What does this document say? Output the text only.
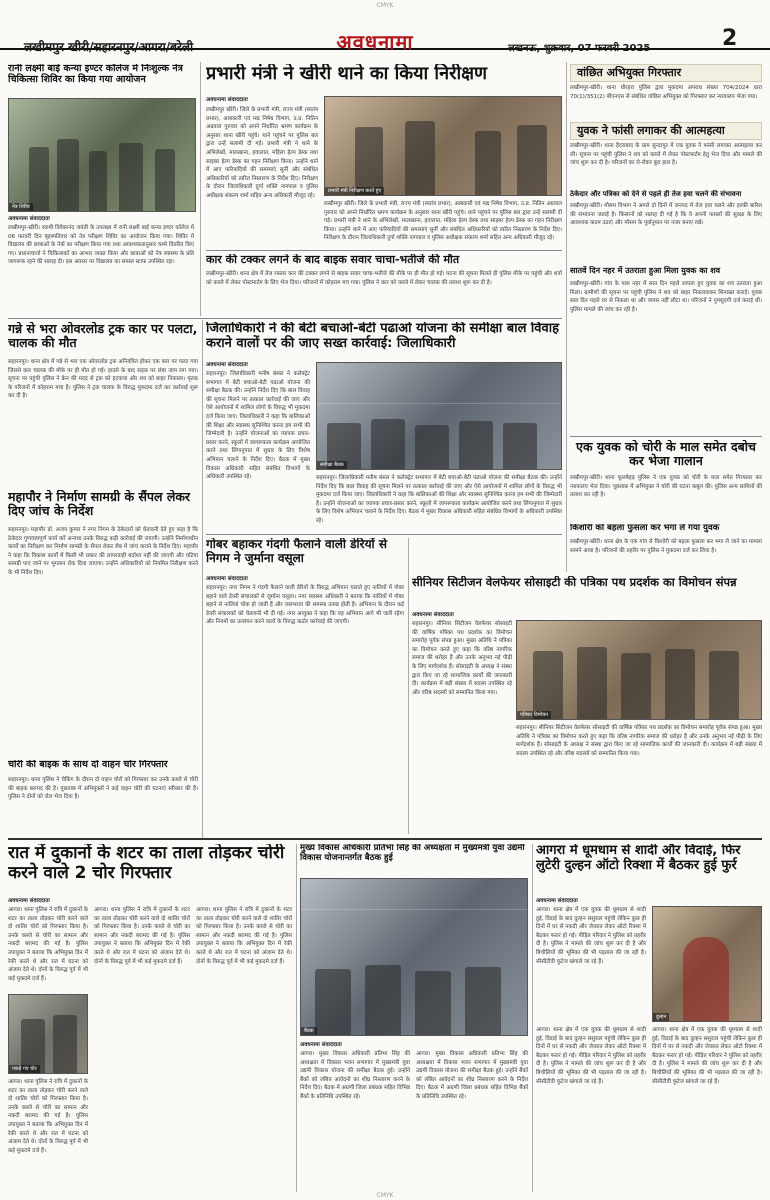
CMYK
लखीमपुर खीरी/सहारनपुर/आगरा/बरेली	अवधनामा	लखनऊ, शुक्रवार, 07 फरवरी 2025	2
रानी लक्ष्मी बाई कन्या इण्टर कॉलेज में निःशुल्क नेत्र चिकित्सा शिविर का किया गया आयोजन
नेत्र शिविर
अवधनामा संवाददाता
लखीमपुर-खीरी। स्वामी विवेकानंद जयंती के उपलक्ष्य में रानी लक्ष्मी बाई कन्या इण्टर कॉलेज में 06 फरवरी दिन बृहस्पतिवार को नेत्र परीक्षण शिविर का आयोजन किया गया। शिविर में विद्यालय की छात्राओं के नेत्रों का परीक्षण किया गया तथा आवश्यकतानुसार चश्मे वितरित किए गए। प्रधानाचार्या ने चिकित्सकों का आभार व्यक्त किया और छात्राओं को नेत्र स्वास्थ्य के प्रति जागरूक रहने की सलाह दी। इस अवसर पर विद्यालय का समस्त स्टाफ उपस्थित रहा।
प्रभारी मंत्री ने खीरी थाने का किया निरीक्षण
अवधनामा संवाददाता
लखीमपुर खीरी। जिले के प्रभारी मंत्री, राज्य मंत्री (स्वतंत्र प्रभार), आबकारी एवं मद्य निषेध विभाग, उ.प्र. नितिन अग्रवाल गुरुवार को अपने निर्धारित भ्रमण कार्यक्रम के अनुसार थाना खीरी पहुंचे। थाने पहुंचने पर पुलिस बल द्वारा उन्हें सलामी दी गई। प्रभारी मंत्री ने थाने के अभिलेखों, मालखाना, हवालात, महिला हेल्प डेस्क तथा साइबर हेल्प डेस्क का गहन निरीक्षण किया। उन्होंने थाने में आए फरियादियों की समस्याएं सुनीं और संबंधित अधिकारियों को त्वरित निस्तारण के निर्देश दिए। निरीक्षण के दौरान जिलाधिकारी दुर्गा शक्ति नागपाल व पुलिस अधीक्षक संकल्प शर्मा सहित अन्य अधिकारी मौजूद रहे।
प्रभारी मंत्री निरीक्षण करते हुए
लखीमपुर खीरी। जिले के प्रभारी मंत्री, राज्य मंत्री (स्वतंत्र प्रभार), आबकारी एवं मद्य निषेध विभाग, उ.प्र. नितिन अग्रवाल गुरुवार को अपने निर्धारित भ्रमण कार्यक्रम के अनुसार थाना खीरी पहुंचे। थाने पहुंचने पर पुलिस बल द्वारा उन्हें सलामी दी गई। प्रभारी मंत्री ने थाने के अभिलेखों, मालखाना, हवालात, महिला हेल्प डेस्क तथा साइबर हेल्प डेस्क का गहन निरीक्षण किया। उन्होंने थाने में आए फरियादियों की समस्याएं सुनीं और संबंधित अधिकारियों को त्वरित निस्तारण के निर्देश दिए। निरीक्षण के दौरान जिलाधिकारी दुर्गा शक्ति नागपाल व पुलिस अधीक्षक संकल्प शर्मा सहित अन्य अधिकारी मौजूद रहे।
कार की टक्कर लगने के बाद बाइक सवार चाचा-भतीजे की मौत
लखीमपुर-खीरी। थाना क्षेत्र में तेज रफ्तार कार की टक्कर लगने से बाइक सवार चाचा-भतीजे की मौके पर ही मौत हो गई। घटना की सूचना मिलते ही पुलिस मौके पर पहुंची और शवों को कब्जे में लेकर पोस्टमार्टम के लिए भेज दिया। परिजनों में कोहराम मच गया। पुलिस ने कार को कब्जे में लेकर चालक की तलाश शुरू कर दी है।
वांछित अभियुक्त गिरफ्तार
लखीमपुर-खीरी। थाना धौरहरा पुलिस द्वारा मुकदमा अपराध संख्या 704/2024 धारा 70(1)/351(2) बीएनएस से संबंधित वांछित अभियुक्त को गिरफ्तार कर न्यायालय भेजा गया।
युवक ने फांसी लगाकर की आत्महत्या
लखीमपुर-खीरी। थाना हैदराबाद के ग्राम सुन्दरपुर में एक युवक ने फांसी लगाकर आत्महत्या कर ली। सूचना पर पहुंची पुलिस ने शव को कब्जे में लेकर पोस्टमार्टम हेतु भेज दिया और मामले की जांच शुरू कर दी है। परिजनों का रो-रोकर बुरा हाल है।
ठेकेदार और पत्रिका को देने से पहले ही तेज हवा चलने की संभावना
लखीमपुर-खीरी। मौसम विभाग ने अगले दो दिनों में जनपद में तेज हवा चलने और हल्की बारिश की संभावना जताई है। किसानों को सलाह दी गई है कि वे अपनी फसलों की सुरक्षा के लिए आवश्यक कदम उठाएं और मौसम के पूर्वानुमान पर नजर बनाए रखें।
सातवें दिन नहर में उतराता हुआ मिला युवक का शव
लखीमपुर-खीरी। गांव के पास नहर में सात दिन पहले लापता हुए युवक का शव उतराता हुआ मिला। ग्रामीणों की सूचना पर पहुंची पुलिस ने शव को बाहर निकलवाकर शिनाख्त कराई। युवक सात दिन पहले घर से निकला था और वापस नहीं लौटा था। परिजनों ने गुमशुदगी दर्ज कराई थी। पुलिस मामले की जांच कर रही है।
एक युवक को चोरी के माल समेत दबोच कर भेजा गालान
लखीमपुर-खीरी। थाना फूलबेहड़ पुलिस ने एक युवक को चोरी के माल समेत गिरफ्तार कर न्यायालय भेज दिया। पूछताछ में अभियुक्त ने चोरी की घटना कबूल की। पुलिस अन्य साथियों की तलाश कर रही है।
किशोरी को बहला फुसला कर भगा ले गया युवक
लखीमपुर-खीरी। थाना क्षेत्र के एक गांव से किशोरी को बहला फुसला कर भगा ले जाने का मामला सामने आया है। परिजनों की तहरीर पर पुलिस ने मुकदमा दर्ज कर लिया है।
गन्ने से भरा ओवरलोड ट्रक कार पर पलटा, चालक की मौत
सहारनपुर। थाना क्षेत्र में गन्ने से भरा एक ओवरलोड ट्रक अनियंत्रित होकर एक कार पर पलट गया जिससे कार चालक की मौके पर ही मौत हो गई। हादसे के बाद सड़क पर लंबा जाम लग गया। सूचना पर पहुंची पुलिस ने क्रेन की मदद से ट्रक को हटवाया और शव को बाहर निकाला। मृतक के परिजनों में कोहराम मचा है। पुलिस ने ट्रक चालक के विरुद्ध मुकदमा दर्ज कर कार्रवाई शुरू कर दी है।
महापौर ने निर्माण सामग्री के सैंपल लेकर दिए जांच के निर्देश
सहारनपुर। महापौर डॉ. अजय कुमार ने नगर निगम के ठेकेदारों को चेतावनी देते हुए कहा है कि ठेकेदार गुणवत्तापूर्ण कार्य करें अन्यथा उनके विरुद्ध कड़ी कार्रवाई की जाएगी। उन्होंने निर्माणाधीन कार्यों का निरीक्षण कर निर्माण सामग्री के सैंपल लेकर लैब में जांच कराने के निर्देश दिए। महापौर ने कहा कि विकास कार्यों में किसी भी प्रकार की लापरवाही बर्दाश्त नहीं की जाएगी और घटिया सामग्री पाए जाने पर भुगतान रोक दिया जाएगा। उन्होंने अधिकारियों को नियमित निरीक्षण करने के भी निर्देश दिए।
चोरी की बाइक के साथ दो वाहन चोर गिरफ्तार
सहारनपुर। थाना पुलिस ने चेकिंग के दौरान दो वाहन चोरों को गिरफ्तार कर उनके कब्जे से चोरी की बाइक बरामद की है। पूछताछ में अभियुक्तों ने कई वाहन चोरी की घटनाएं स्वीकार की हैं। पुलिस ने दोनों को जेल भेज दिया है।
जिलाधिकारी ने की बेटी बचाओ-बेटी पढाओ योजना की समीक्षा बाल विवाह कराने वालों पर की जाए सख्त कार्रवाई: जिलाधिकारी
अवधनामा संवाददाता
सहारनपुर। जिलाधिकारी मनीष बंसल ने कलेक्ट्रेट सभागार में बेटी बचाओ-बेटी पढाओ योजना की समीक्षा बैठक की। उन्होंने निर्देश दिए कि बाल विवाह की सूचना मिलने पर तत्काल कार्रवाई की जाए और ऐसे आयोजनों में शामिल लोगों के विरुद्ध भी मुकदमा दर्ज किया जाए। जिलाधिकारी ने कहा कि बालिकाओं की शिक्षा और स्वास्थ्य सुनिश्चित करना हम सभी की जिम्मेदारी है। उन्होंने योजनाओं का व्यापक प्रचार-प्रसार करने, स्कूलों में जागरूकता कार्यक्रम आयोजित करने तथा लिंगानुपात में सुधार के लिए विशेष अभियान चलाने के निर्देश दिए। बैठक में मुख्य विकास अधिकारी सहित संबंधित विभागों के अधिकारी उपस्थित रहे।
समीक्षा बैठक
सहारनपुर। जिलाधिकारी मनीष बंसल ने कलेक्ट्रेट सभागार में बेटी बचाओ-बेटी पढाओ योजना की समीक्षा बैठक की। उन्होंने निर्देश दिए कि बाल विवाह की सूचना मिलने पर तत्काल कार्रवाई की जाए और ऐसे आयोजनों में शामिल लोगों के विरुद्ध भी मुकदमा दर्ज किया जाए। जिलाधिकारी ने कहा कि बालिकाओं की शिक्षा और स्वास्थ्य सुनिश्चित करना हम सभी की जिम्मेदारी है। उन्होंने योजनाओं का व्यापक प्रचार-प्रसार करने, स्कूलों में जागरूकता कार्यक्रम आयोजित करने तथा लिंगानुपात में सुधार के लिए विशेष अभियान चलाने के निर्देश दिए। बैठक में मुख्य विकास अधिकारी सहित संबंधित विभागों के अधिकारी उपस्थित रहे।
गोबर बहाकर गंदगी फैलाने वाली डेरियों से निगम ने जुर्माना वसूला
अवधनामा संवाददाता
सहारनपुर। नगर निगम ने गंदगी फैलाने वाली डेरियों के विरुद्ध अभियान चलाते हुए नालियों में गोबर बहाने वाले डेयरी संचालकों से जुर्माना वसूला। नगर स्वास्थ्य अधिकारी ने बताया कि नालियों में गोबर बहाने से नालियां चोक हो जाती हैं और जलभराव की समस्या उत्पन्न होती है। अभियान के दौरान कई डेयरी संचालकों को चेतावनी भी दी गई। नगर आयुक्त ने कहा कि यह अभियान आगे भी जारी रहेगा और नियमों का उल्लंघन करने वालों के विरुद्ध कठोर कार्रवाई की जाएगी।
सीनियर सिटीजन वेलफेयर सोसाइटी की पत्रिका पथ प्रदर्शक का विमोचन संपन्न
अवधनामा संवाददाता
सहारनपुर। सीनियर सिटीजन वेलफेयर सोसाइटी की वार्षिक पत्रिका पथ प्रदर्शक का विमोचन समारोह पूर्वक संपन्न हुआ। मुख्य अतिथि ने पत्रिका का विमोचन करते हुए कहा कि वरिष्ठ नागरिक समाज की धरोहर हैं और उनके अनुभव नई पीढ़ी के लिए मार्गदर्शक हैं। सोसाइटी के अध्यक्ष ने संस्था द्वारा किए जा रहे सामाजिक कार्यों की जानकारी दी। कार्यक्रम में बड़ी संख्या में सदस्य उपस्थित रहे और वरिष्ठ सदस्यों को सम्मानित किया गया।
पत्रिका विमोचन
सहारनपुर। सीनियर सिटीजन वेलफेयर सोसाइटी की वार्षिक पत्रिका पथ प्रदर्शक का विमोचन समारोह पूर्वक संपन्न हुआ। मुख्य अतिथि ने पत्रिका का विमोचन करते हुए कहा कि वरिष्ठ नागरिक समाज की धरोहर हैं और उनके अनुभव नई पीढ़ी के लिए मार्गदर्शक हैं। सोसाइटी के अध्यक्ष ने संस्था द्वारा किए जा रहे सामाजिक कार्यों की जानकारी दी। कार्यक्रम में बड़ी संख्या में सदस्य उपस्थित रहे और वरिष्ठ सदस्यों को सम्मानित किया गया।
रात में दुकानों के शटर का ताला तोड़कर चोरी करने वाले 2 चोर गिरफ्तार
अवधनामा संवाददाता
आगरा। थाना पुलिस ने रात्रि में दुकानों के शटर का ताला तोड़कर चोरी करने वाले दो शातिर चोरों को गिरफ्तार किया है। उनके कब्जे से चोरी का सामान और नकदी बरामद की गई है। पुलिस उपायुक्त ने बताया कि अभियुक्त दिन में रेकी करते थे और रात में घटना को अंजाम देते थे। दोनों के विरुद्ध पूर्व में भी कई मुकदमे दर्ज हैं।
पकड़े गए चोर
आगरा। थाना पुलिस ने रात्रि में दुकानों के शटर का ताला तोड़कर चोरी करने वाले दो शातिर चोरों को गिरफ्तार किया है। उनके कब्जे से चोरी का सामान और नकदी बरामद की गई है। पुलिस उपायुक्त ने बताया कि अभियुक्त दिन में रेकी करते थे और रात में घटना को अंजाम देते थे। दोनों के विरुद्ध पूर्व में भी कई मुकदमे दर्ज हैं।
आगरा। थाना पुलिस ने रात्रि में दुकानों के शटर का ताला तोड़कर चोरी करने वाले दो शातिर चोरों को गिरफ्तार किया है। उनके कब्जे से चोरी का सामान और नकदी बरामद की गई है। पुलिस उपायुक्त ने बताया कि अभियुक्त दिन में रेकी करते थे और रात में घटना को अंजाम देते थे। दोनों के विरुद्ध पूर्व में भी कई मुकदमे दर्ज हैं।
आगरा। थाना पुलिस ने रात्रि में दुकानों के शटर का ताला तोड़कर चोरी करने वाले दो शातिर चोरों को गिरफ्तार किया है। उनके कब्जे से चोरी का सामान और नकदी बरामद की गई है। पुलिस उपायुक्त ने बताया कि अभियुक्त दिन में रेकी करते थे और रात में घटना को अंजाम देते थे। दोनों के विरुद्ध पूर्व में भी कई मुकदमे दर्ज हैं।
मुख्य विकास अधिकारी प्रतिभा सिंह की अध्यक्षता में मुख्यमंत्री युवा उद्यमी विकास योजनान्तर्गत बैठक हुई
बैठक
अवधनामा संवाददाता
आगरा। मुख्य विकास अधिकारी प्रतिभा सिंह की अध्यक्षता में विकास भवन सभागार में मुख्यमंत्री युवा उद्यमी विकास योजना की समीक्षा बैठक हुई। उन्होंने बैंकों को लंबित आवेदनों का शीघ्र निस्तारण करने के निर्देश दिए। बैठक में अग्रणी जिला प्रबंधक सहित विभिन्न बैंकों के प्रतिनिधि उपस्थित रहे।
आगरा। मुख्य विकास अधिकारी प्रतिभा सिंह की अध्यक्षता में विकास भवन सभागार में मुख्यमंत्री युवा उद्यमी विकास योजना की समीक्षा बैठक हुई। उन्होंने बैंकों को लंबित आवेदनों का शीघ्र निस्तारण करने के निर्देश दिए। बैठक में अग्रणी जिला प्रबंधक सहित विभिन्न बैंकों के प्रतिनिधि उपस्थित रहे।
आगरा में धूमधाम से शादी और विदाई, फिर लुटेरी दुल्हन ऑटो रिक्शा में बैठकर हुई फुर्र
अवधनामा संवाददाता
आगरा। थाना क्षेत्र में एक युवक की धूमधाम से शादी हुई, विदाई के बाद दुल्हन ससुराल पहुंची लेकिन कुछ ही दिनों में घर से नकदी और जेवरात लेकर ऑटो रिक्शा में बैठकर फरार हो गई। पीड़ित परिवार ने पुलिस को तहरीर दी है। पुलिस ने मामले की जांच शुरू कर दी है और बिचौलियों की भूमिका की भी पड़ताल की जा रही है। सीसीटीवी फुटेज खंगाले जा रहे हैं।
दुल्हन
आगरा। थाना क्षेत्र में एक युवक की धूमधाम से शादी हुई, विदाई के बाद दुल्हन ससुराल पहुंची लेकिन कुछ ही दिनों में घर से नकदी और जेवरात लेकर ऑटो रिक्शा में बैठकर फरार हो गई। पीड़ित परिवार ने पुलिस को तहरीर दी है। पुलिस ने मामले की जांच शुरू कर दी है और बिचौलियों की भूमिका की भी पड़ताल की जा रही है। सीसीटीवी फुटेज खंगाले जा रहे हैं।
आगरा। थाना क्षेत्र में एक युवक की धूमधाम से शादी हुई, विदाई के बाद दुल्हन ससुराल पहुंची लेकिन कुछ ही दिनों में घर से नकदी और जेवरात लेकर ऑटो रिक्शा में बैठकर फरार हो गई। पीड़ित परिवार ने पुलिस को तहरीर दी है। पुलिस ने मामले की जांच शुरू कर दी है और बिचौलियों की भूमिका की भी पड़ताल की जा रही है। सीसीटीवी फुटेज खंगाले जा रहे हैं।
CMYK
